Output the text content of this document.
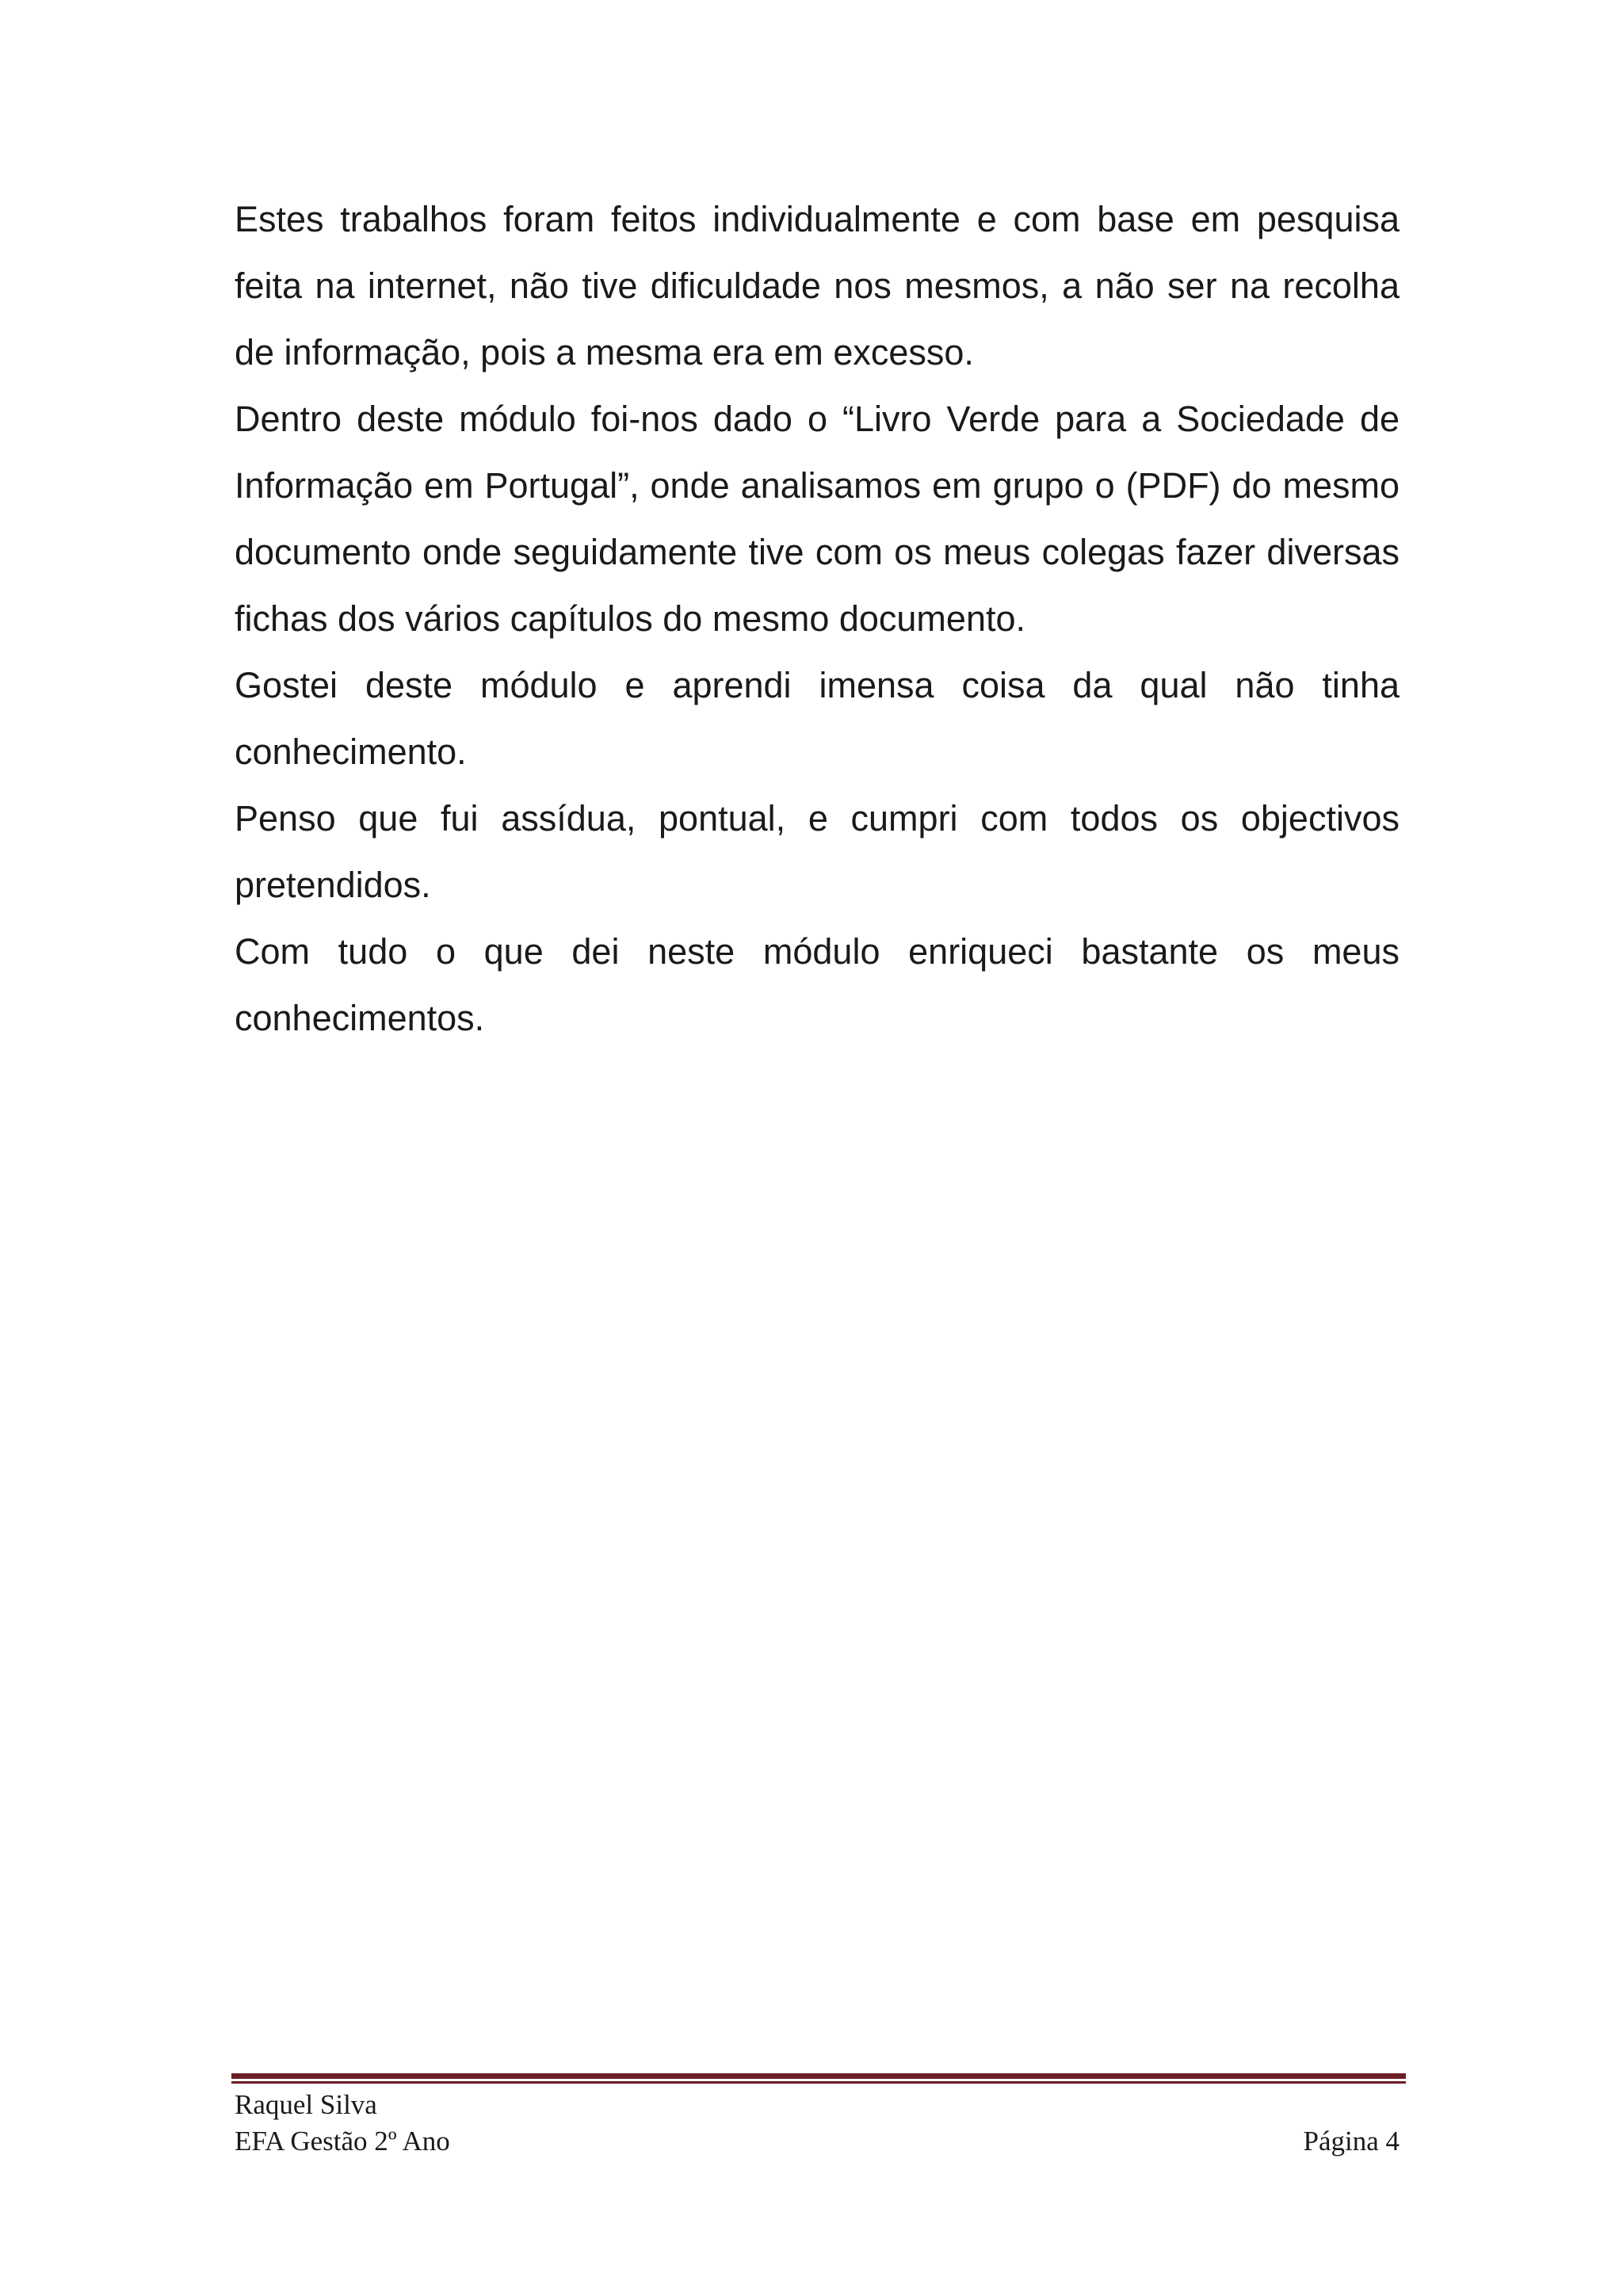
Estes trabalhos foram feitos individualmente e com base em pesquisa feita na internet, não tive dificuldade nos mesmos, a não ser na recolha de informação, pois a mesma era em excesso.

Dentro deste módulo foi-nos dado o “Livro Verde para a Sociedade de Informação em Portugal”, onde analisamos em grupo o (PDF) do mesmo documento onde seguidamente tive com os meus colegas fazer diversas fichas dos vários capítulos do mesmo documento.

Gostei deste módulo e aprendi imensa coisa da qual não tinha conhecimento.

Penso que fui assídua, pontual, e cumpri com todos os objectivos pretendidos.

Com tudo o que dei neste módulo enriqueci bastante os meus conhecimentos.

Raquel Silva
EFA Gestão 2º Ano	Página 4
